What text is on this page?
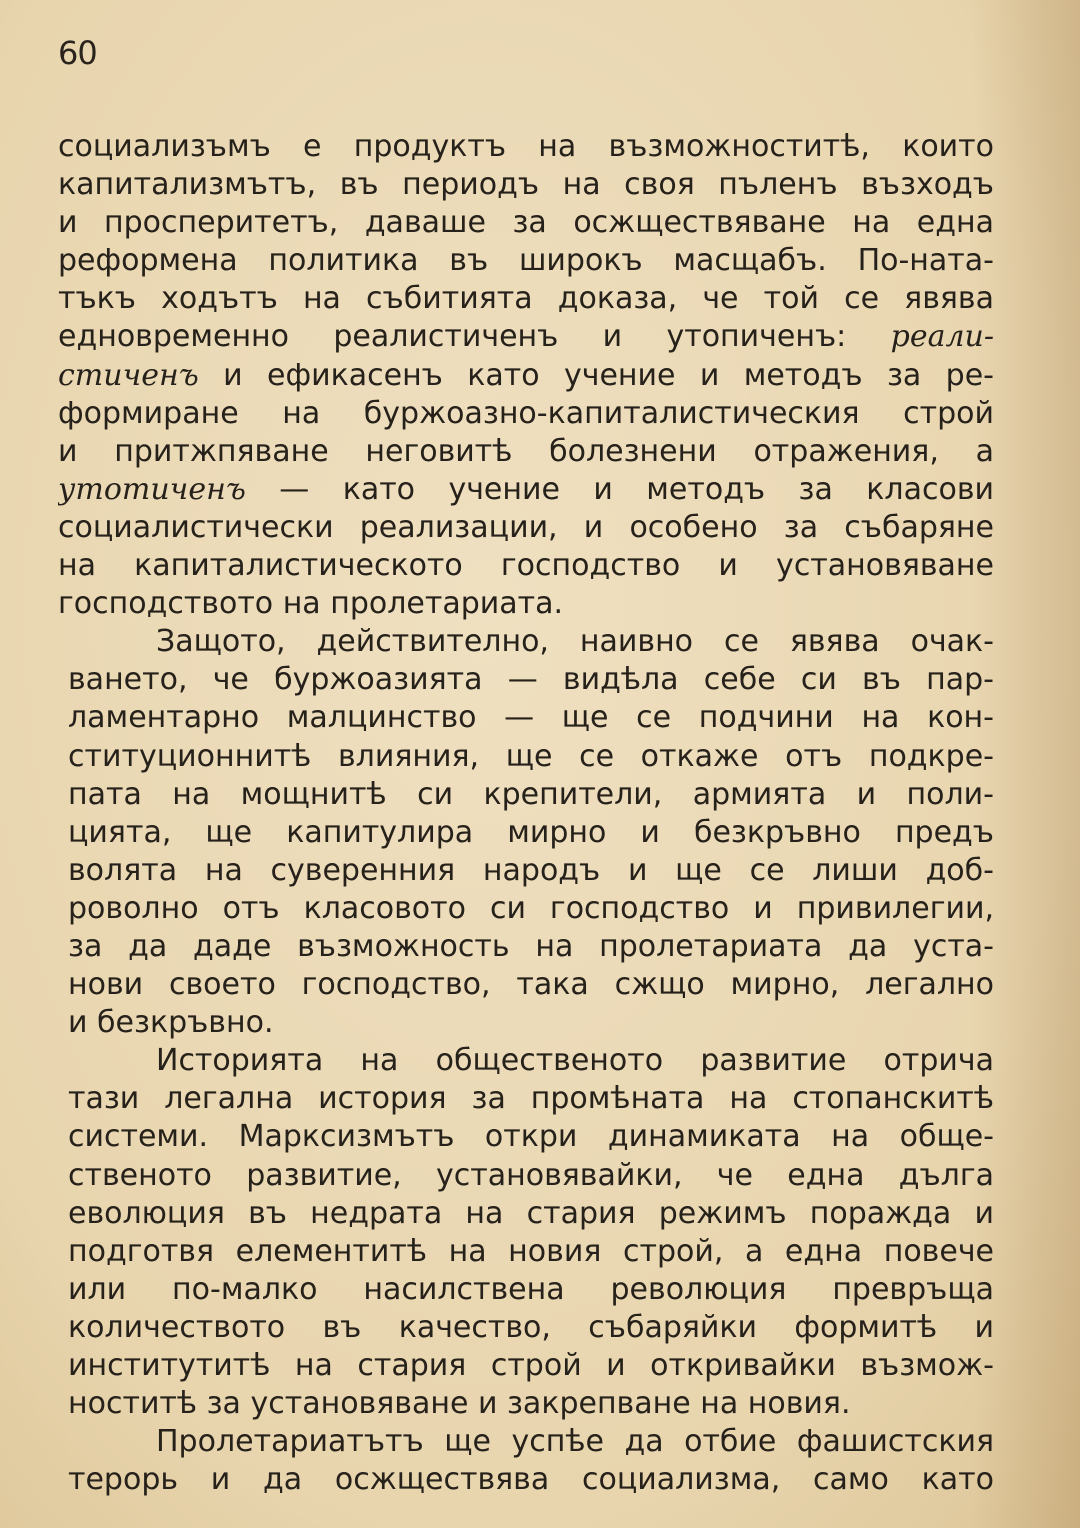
60
социализъмъ е продуктъ на възможноститѣ, които
капитализмътъ, въ периодъ на своя пъленъ възходъ
и просперитетъ, даваше за осжществяване на една
реформена политика въ широкъ масщабъ. По-ната-
тъкъ ходътъ на събитията доказа, че той се явява
едновременно реалистиченъ и утопиченъ: реали-
стиченъ и ефикасенъ като учение и методъ за ре-
формиране на буржоазно-капиталистическия строй
и притжпяване неговитѣ болезнени отражения, а
утотиченъ — като учение и методъ за класови
социалистически реализации, и особено за събаряне
на капиталистическото господство и установяване
господството на пролетариата.
Защото, действително, наивно се явява очак-
ването, че буржоазията — видѣла себе си въ пар-
ламентарно малцинство — ще се подчини на кон-
ституционнитѣ влияния, ще се откаже отъ подкре-
пата на мощнитѣ си крепители, армията и поли-
цията, ще капитулира мирно и безкръвно предъ
волята на суверенния народъ и ще се лиши доб-
роволно отъ класовото си господство и привилегии,
за да даде възможность на пролетариата да уста-
нови своето господство, така сжщо мирно, легално
и безкръвно.
Историята на общественото развитие отрича
тази легална история за промѣната на стопанскитѣ
системи. Марксизмътъ откри динамиката на обще-
ственото развитие, установявайки, че една дълга
еволюция въ недрата на стария режимъ поражда и
подготвя елементитѣ на новия строй, а една повече
или по-малко насилствена революция превръща
количеството въ качество, събаряйки формитѣ и
институтитѣ на стария строй и откривайки възмож-
ноститѣ за установяване и закрепване на новия.
Пролетариатътъ ще успѣе да отбие фашистския
терорь и да осжществява социализма, само като
